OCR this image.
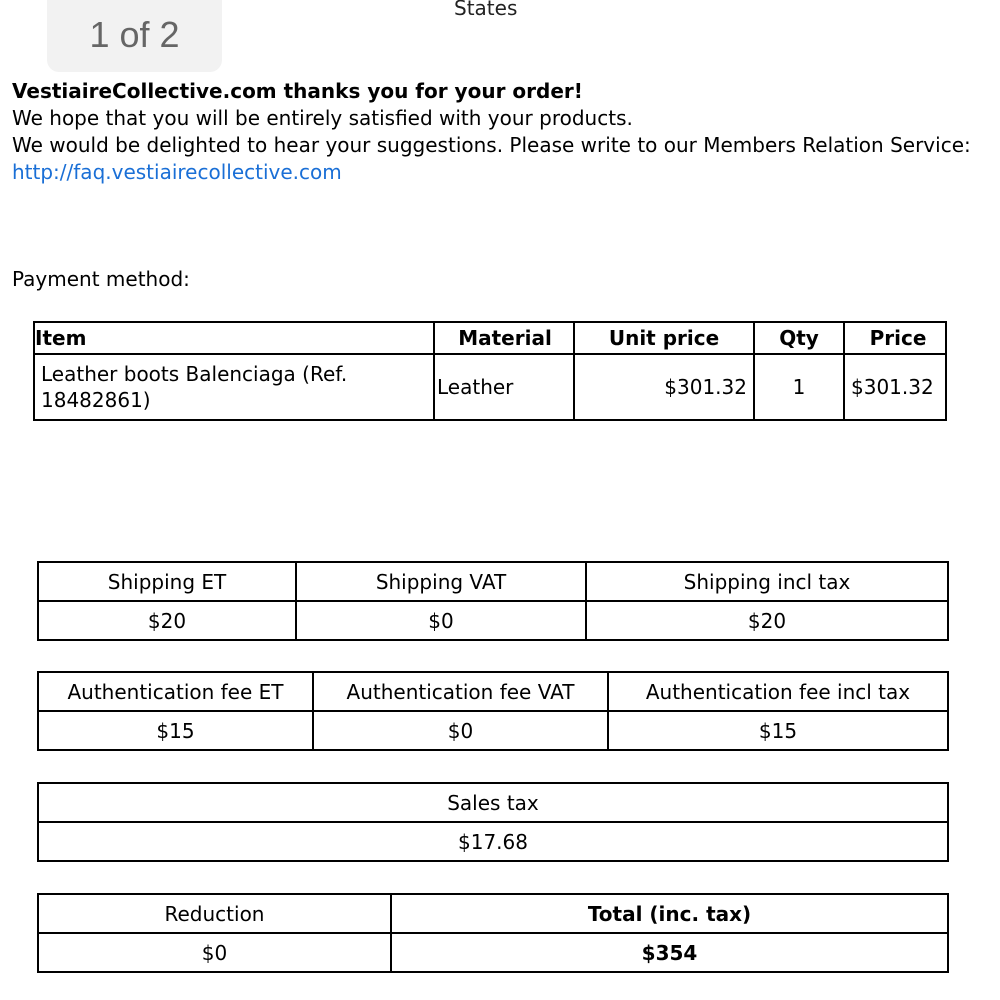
States
1 of 2
VestiaireCollective.com thanks you for your order!
We hope that you will be entirely satisfied with your products.
We would be delighted to hear your suggestions. Please write to our Members Relation Service: http://faq.vestiairecollective.com
Payment method:
Item	Material	Unit price	Qty	Price
Leather boots Balenciaga (Ref. 18482861)	Leather	$301.32	1	$301.32
Shipping ET	Shipping VAT	Shipping incl tax
$20	$0	$20
Authentication fee ET	Authentication fee VAT	Authentication fee incl tax
$15	$0	$15
Sales tax
$17.68
Reduction	Total (inc. tax)
$0	$354
